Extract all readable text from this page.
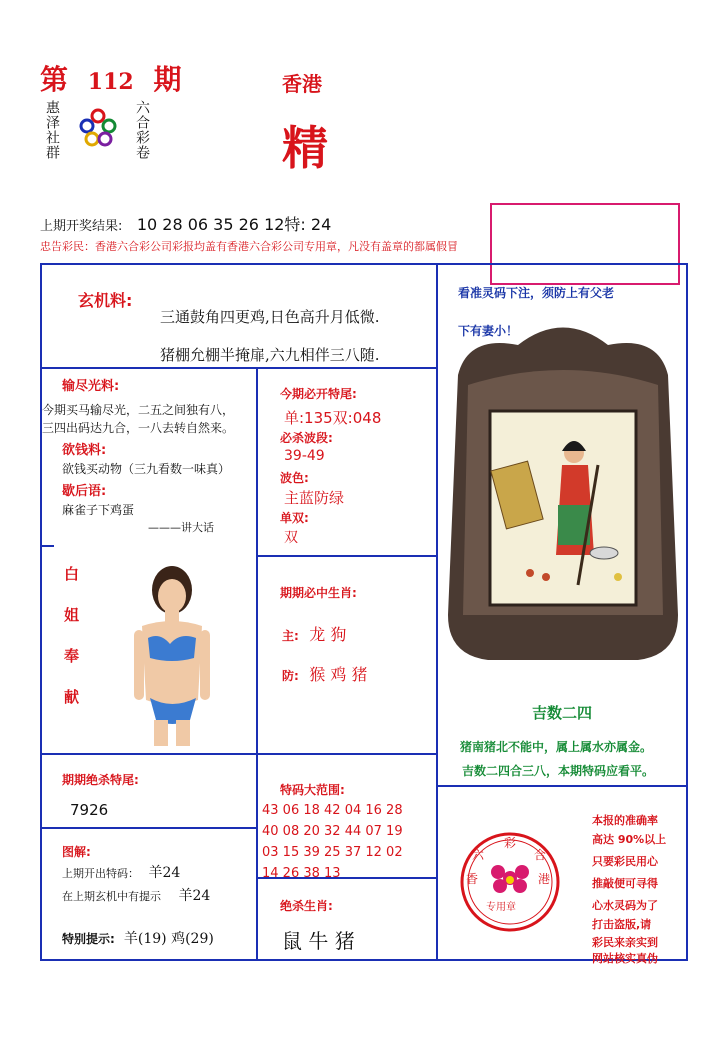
第 112 期
惠泽社群	六合彩卷
香港
精
上期开奖结果: 10 28 06 35 26 12特: 24
忠告彩民：香港六合彩公司彩报均盖有香港六合彩公司专用章，凡没有盖章的都属假冒
玄机料:
三通鼓角四更鸡,日色高升月低微.
猪棚允棚半掩扉,六九相伴三八随.
输尽光料:
今期买马输尽光，二五之间独有八，
三四出码达九合，一八去转自然来。
欲钱料:
欲钱买动物（三九看数一味真）
歇后语:
麻雀子下鸡蛋
———讲大话
今期必开特尾:
单:135双:048
必杀波段:
39-49
波色:
主蓝防绿
单双:
双
白
姐
奉
献
期期必中生肖:
主: 龙 狗
防: 猴 鸡 猪
看准灵码下注，须防上有父老
下有妻小！
吉数二四
猪南猪北不能中，属上属水亦属金。
吉数二四合三八，本期特码应看平。
期期绝杀特尾:
7926
特码大范围:
43 06 18 42 04 16 28
40 08 20 32 44 07 19
03 15 39 25 37 12 02
14 26 38 13
图解:
上期开出特码： 羊24
在上期玄机中有提示 羊24
特别提示: 羊(19) 鸡(29)
绝杀生肖:
鼠 牛 猪
六
彩
合
港
专用章
香
本报的准确率
高达 90%以上
只要彩民用心
推敲便可寻得
心水灵码为了
打击盗版,请
彩民来亲实到
网站核实真伪
